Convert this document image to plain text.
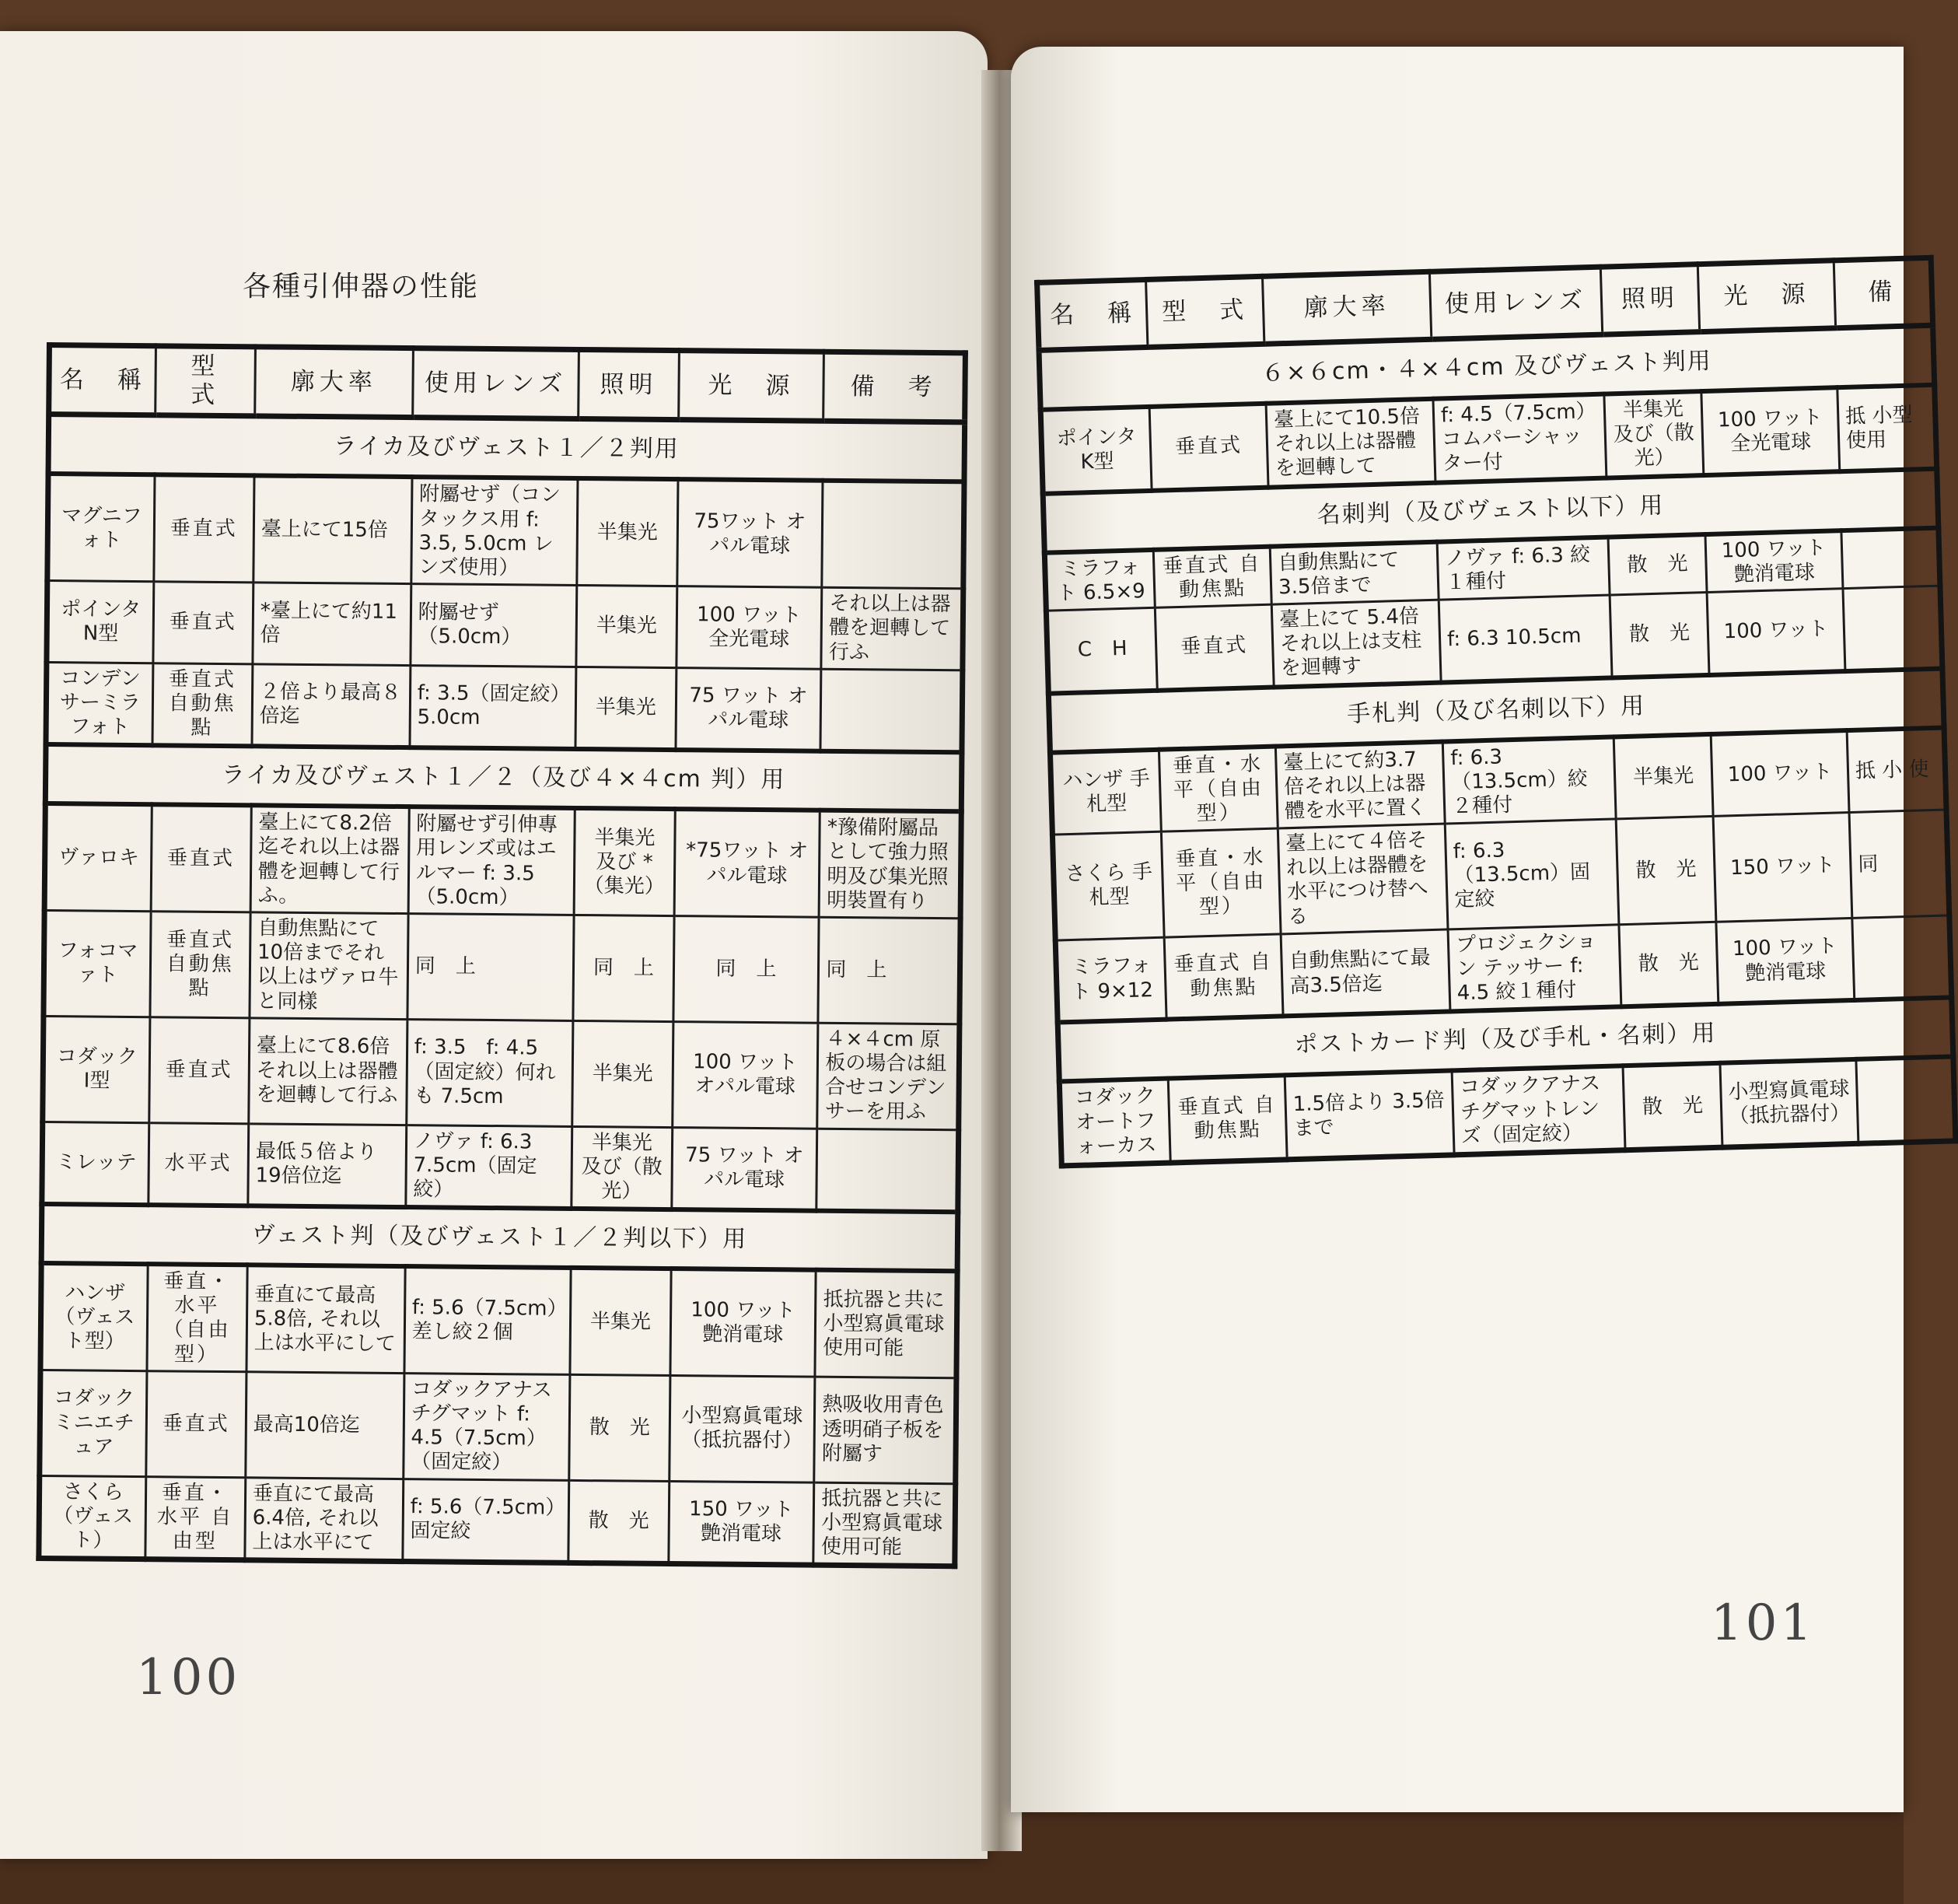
各種引伸器の性能
名　稱	型　式	廓大率	使用レンズ	照明	光　源	備　考
ライカ及びヴェスト１／２判用						
マグニフォト	垂直式	臺上にて15倍	附屬せず（コンタックス用 f: 3.5, 5.0cm レンズ使用）	半集光	75ワット オパル電球	
ポインタ N型	垂直式	*臺上にて約11倍	附屬せず（5.0cm）	半集光	100 ワット 全光電球	それ以上は器體を迴轉して行ふ
コンデンサーミラフォト	垂直式 自動焦點	２倍より最高８倍迄	f: 3.5（固定絞）5.0cm	半集光	75 ワット オパル電球	
ライカ及びヴェスト１／２（及び４×４cm 判）用						
ヴァロキ	垂直式	臺上にて8.2倍迄それ以上は器體を迴轉して行ふ。	附屬せず引伸專用レンズ或はエルマー f: 3.5（5.0cm）	半集光 及び *（集光）	*75ワット オパル電球	*豫備附屬品として強力照明及び集光照明裝置有り
フォコマァト	垂直式 自動焦點	自動焦點にて10倍までそれ以上はヴァロ牛と同樣	同　上	同　上	同　上	同　上
コダック Ⅰ型	垂直式	臺上にて8.6倍それ以上は器體を迴轉して行ふ	f: 3.5　f: 4.5（固定絞）何れも 7.5cm	半集光	100 ワット オパル電球	４×４cm 原板の場合は組合せコンデンサーを用ふ
ミレッテ	水平式	最低５倍より19倍位迄	ノヴァ f: 6.3 7.5cm（固定絞）	半集光 及び（散光）	75 ワット オパル電球	
ヴェスト判（及びヴェスト１／２判以下）用						
ハンザ（ヴェスト型）	垂直・水平（自由型）	垂直にて最高5.8倍, それ以上は水平にして	f: 5.6（7.5cm）差し絞２個	半集光	100 ワット 艶消電球	抵抗器と共に小型寫眞電球使用可能
コダック ミニエチュア	垂直式	最高10倍迄	コダックアナスチグマット f: 4.5（7.5cm）（固定絞）	散　光	小型寫眞電球（抵抗器付）	熱吸收用青色透明硝子板を附屬す
さくら（ヴェスト）	垂直・水平 自由型	垂直にて最高6.4倍, それ以上は水平にて	f: 5.6（7.5cm）固定絞	散　光	150 ワット 艶消電球	抵抗器と共に小型寫眞電球使用可能
100
名　稱	型　式	廓大率	使用レンズ	照明	光　源	備
６×６cm・４×４cm 及びヴェスト判用						
ポインタ K型	垂直式	臺上にて10.5倍 それ以上は器體を迴轉して	f: 4.5（7.5cm）コムパーシャッター付	半集光 及び（散光）	100 ワット 全光電球	抵 小型 使用
名刺判（及びヴェスト以下）用						
ミラフォト 6.5×9	垂直式 自動焦點	自動焦點にて3.5倍まで	ノヴァ f: 6.3 絞１種付	散　光	100 ワット 艶消電球	
C　H	垂直式	臺上にて 5.4倍それ以上は支柱を迴轉す	f: 6.3 10.5cm	散　光	100 ワット	
手札判（及び名刺以下）用						
ハンザ 手札型	垂直・水平（自由型）	臺上にて約3.7倍それ以上は器體を水平に置く	f: 6.3（13.5cm）絞２種付	半集光	100 ワット	抵 小 使
さくら 手札型	垂直・水平（自由型）	臺上にて４倍それ以上は器體を水平につけ替へる	f: 6.3（13.5cm）固定絞	散　光	150 ワット	同
ミラフォト 9×12	垂直式 自動焦點	自動焦點にて最高3.5倍迄	プロジェクション テッサー f: 4.5 絞１種付	散　光	100 ワット 艶消電球	
ポストカード判（及び手札・名刺）用						
コダック オートフォーカス	垂直式 自動焦點	1.5倍より 3.5倍まで	コダックアナスチグマットレンズ（固定絞）	散　光	小型寫眞電球（抵抗器付）	
101
